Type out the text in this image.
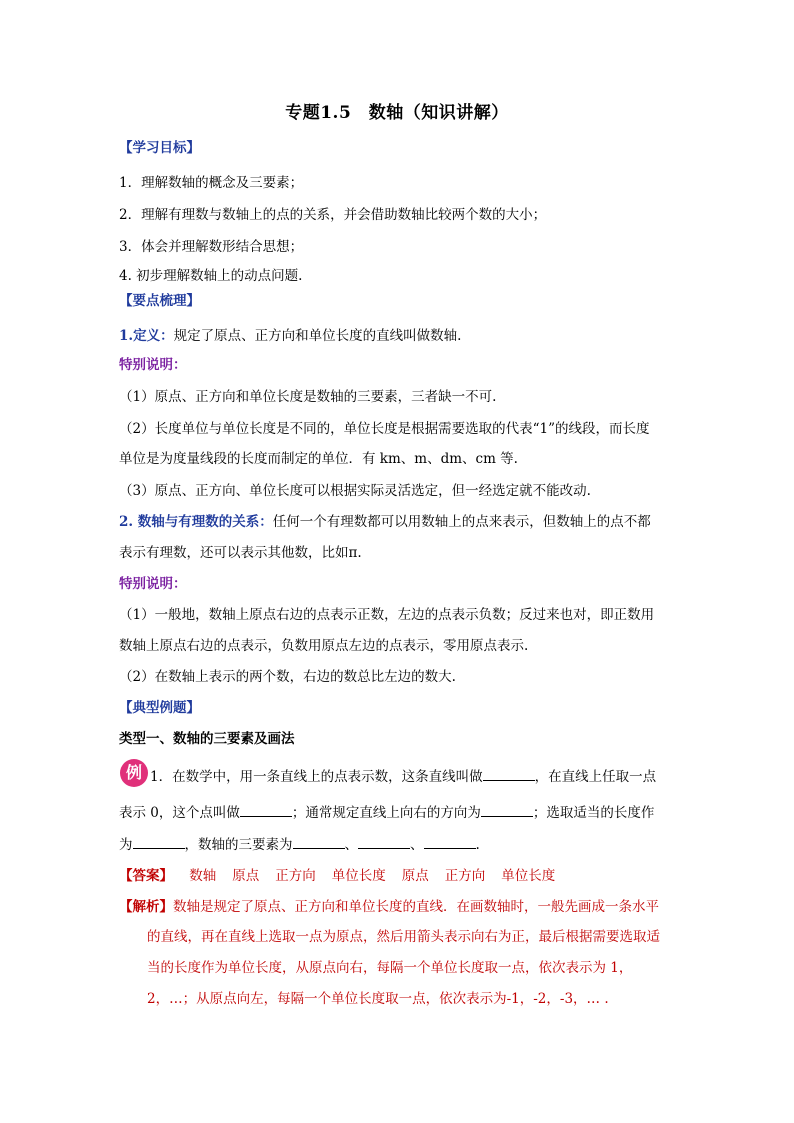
专题1.5　数轴（知识讲解）
【学习目标】
1．理解数轴的概念及三要素；
2．理解有理数与数轴上的点的关系，并会借助数轴比较两个数的大小；
3．体会并理解数形结合思想；
4. 初步理解数轴上的动点问题.
【要点梳理】
1.定义：规定了原点、正方向和单位长度的直线叫做数轴.
特别说明：
（1）原点、正方向和单位长度是数轴的三要素，三者缺一不可.
（2）长度单位与单位长度是不同的，单位长度是根据需要选取的代表“1”的线段，而长度
单位是为度量线段的长度而制定的单位．有 km、m、dm、cm 等.
（3）原点、正方向、单位长度可以根据实际灵活选定，但一经选定就不能改动.
2. 数轴与有理数的关系：任何一个有理数都可以用数轴上的点来表示，但数轴上的点不都
表示有理数，还可以表示其他数，比如π.
特别说明：
（1）一般地，数轴上原点右边的点表示正数，左边的点表示负数；反过来也对，即正数用
数轴上原点右边的点表示，负数用原点左边的点表示，零用原点表示.
（2）在数轴上表示的两个数，右边的数总比左边的数大.
【典型例题】
类型一、数轴的三要素及画法
例 1．在数学中，用一条直线上的点表示数，这条直线叫做	，在直线上任取一点
表示 0，这个点叫做	；通常规定直线上向右的方向为	；选取适当的长度作
为	，数轴的三要素为	、	、	.
【答案】 数轴 原点 正方向 单位长度 原点 正方向 单位长度
【解析】数轴是规定了原点、正方向和单位长度的直线．在画数轴时，一般先画成一条水平
的直线，再在直线上选取一点为原点，然后用箭头表示向右为正，最后根据需要选取适
当的长度作为单位长度，从原点向右，每隔一个单位长度取一点，依次表示为 1，
2，…；从原点向左，每隔一个单位长度取一点，依次表示为-1，-2，-3，… .
